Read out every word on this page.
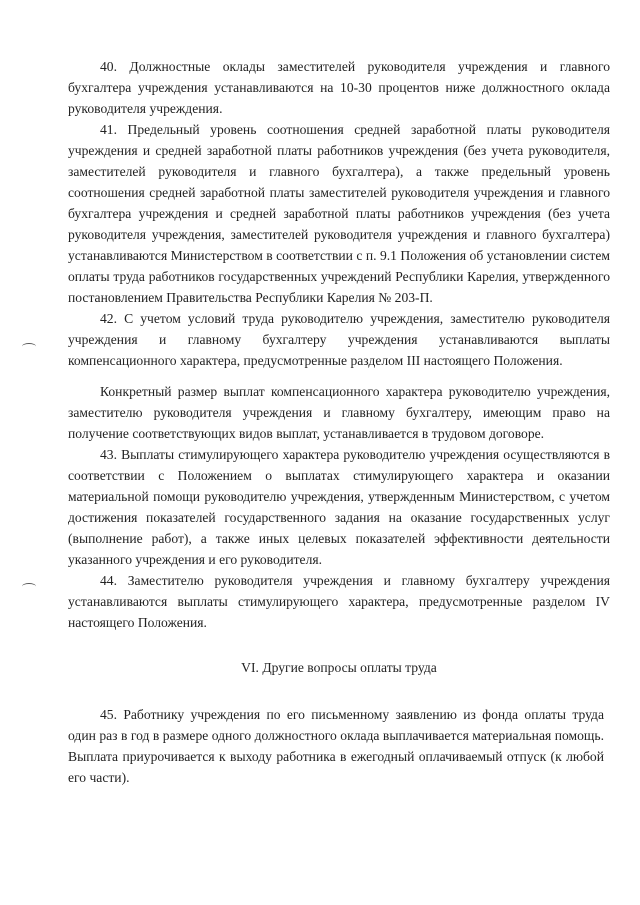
40. Должностные оклады заместителей руководителя учреждения и главного бухгалтера учреждения устанавливаются на 10-30 процентов ниже должностного оклада руководителя учреждения.

41. Предельный уровень соотношения средней заработной платы руководителя учреждения и средней заработной платы работников учреждения (без учета руководителя, заместителей руководителя и главного бухгалтера), а также предельный уровень соотношения средней заработной платы заместителей руководителя учреждения и главного бухгалтера учреждения и средней заработной платы работников учреждения (без учета руководителя учреждения, заместителей руководителя учреждения и главного бухгалтера) устанавливаются Министерством в соответствии с п. 9.1 Положения об установлении систем оплаты труда работников государственных учреждений Республики Карелия, утвержденного постановлением Правительства Республики Карелия № 203-П.

42. С учетом условий труда руководителю учреждения, заместителю руководителя учреждения и главному бухгалтеру учреждения устанавливаются выплаты компенсационного характера, предусмотренные разделом III настоящего Положения.

Конкретный размер выплат компенсационного характера руководителю учреждения, заместителю руководителя учреждения и главному бухгалтеру, имеющим право на получение соответствующих видов выплат, устанавливается в трудовом договоре.

43. Выплаты стимулирующего характера руководителю учреждения осуществляются в соответствии с Положением о выплатах стимулирующего характера и оказании материальной помощи руководителю учреждения, утвержденным Министерством, с учетом достижения показателей государственного задания на оказание государственных услуг (выполнение работ), а также иных целевых показателей эффективности деятельности указанного учреждения и его руководителя.

44. Заместителю руководителя учреждения и главному бухгалтеру учреждения устанавливаются выплаты стимулирующего характера, предусмотренные разделом IV настоящего Положения.

VI. Другие вопросы оплаты труда

45. Работнику учреждения по его письменному заявлению из фонда оплаты труда один раз в год в размере одного должностного оклада выплачивается материальная помощь. Выплата приурочивается к выходу работника в ежегодный оплачиваемый отпуск (к любой его части).
